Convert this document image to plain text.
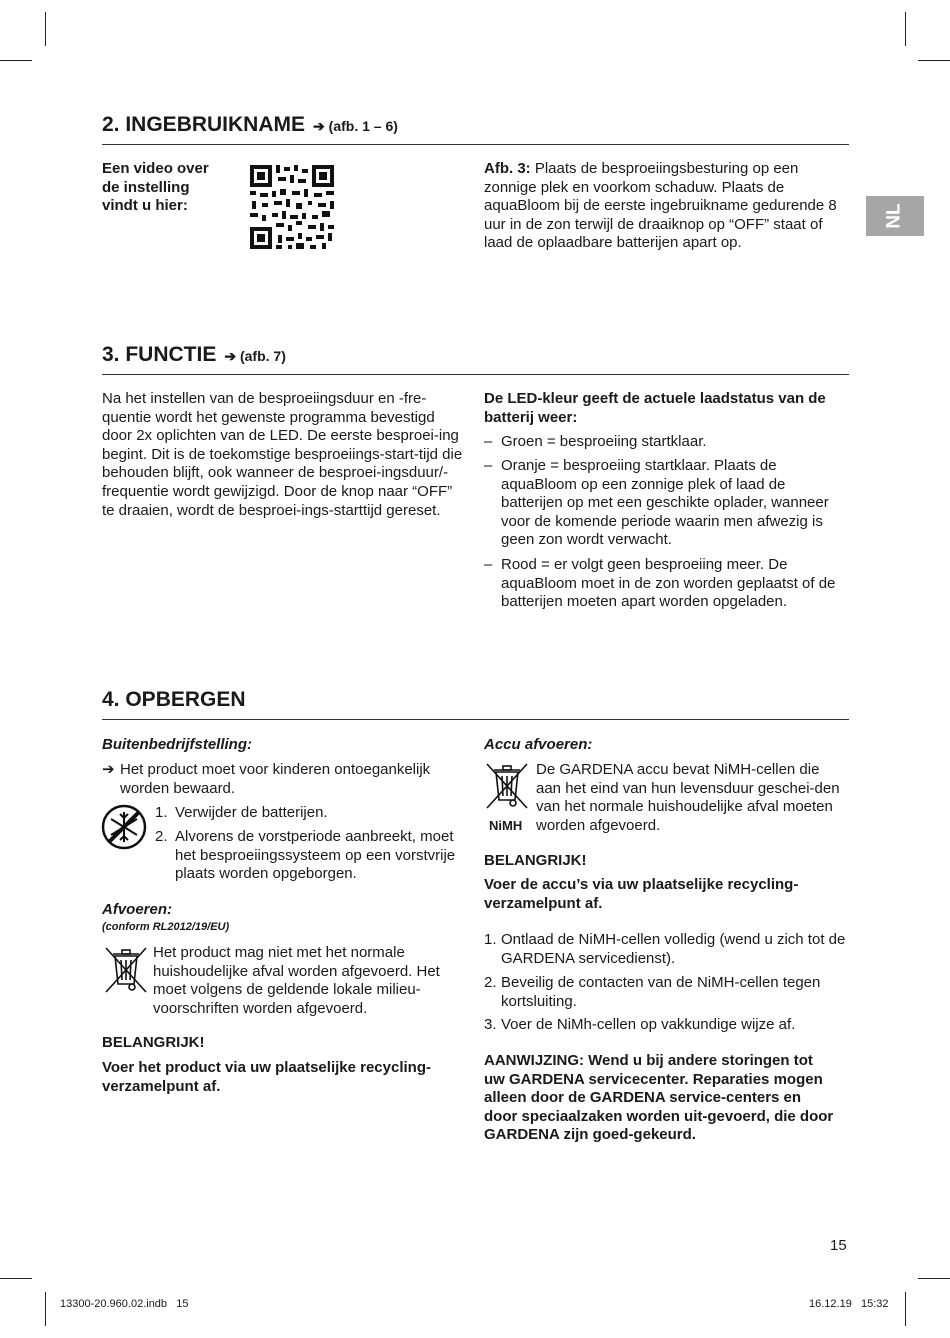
NL
2. INGEBRUIKNAME ➔ (afb. 1 – 6)
Een video over de instelling vindt u hier:
Afb. 3: Plaats de besproeiingsbesturing op een zonnige plek en voorkom schaduw. Plaats de aquaBloom bij de eerste ingebruikname gedurende 8 uur in de zon terwijl de draaiknop op “OFF” staat of laad de oplaadbare batterijen apart op.
3. FUNCTIE ➔ (afb. 7)
Na het instellen van de besproeiingsduur en -fre-quentie wordt het gewenste programma bevestigd door 2x oplichten van de LED. De eerste besproei-ing begint. Dit is de toekomstige besproeiings-start-tijd die behouden blijft, ook wanneer de besproei-ingsduur/-frequentie wordt gewijzigd. Door de knop naar “OFF” te draaien, wordt de besproei-ings-starttijd gereset.
De LED-kleur geeft de actuele laadstatus van de batterij weer:
– Groen = besproeiing startklaar.
– Oranje = besproeiing startklaar. Plaats de aquaBloom op een zonnige plek of laad de batterijen op met een geschikte oplader, wanneer voor de komende periode waarin men afwezig is geen zon wordt verwacht.
– Rood = er volgt geen besproeiing meer. De aquaBloom moet in de zon worden geplaatst of de batterijen moeten apart worden opgeladen.
4. OPBERGEN
Buitenbedrijfstelling:
➔ Het product moet voor kinderen ontoegankelijk worden bewaard.
1. Verwijder de batterijen.
2. Alvorens de vorstperiode aanbreekt, moet het besproeiingssysteem op een vorstvrije plaats worden opgeborgen.
Afvoeren:
(conform RL2012/19/EU)
Het product mag niet met het normale huishoudelijke afval worden afgevoerd. Het moet volgens de geldende lokale milieu-voorschriften worden afgevoerd.
BELANGRIJK!
Voer het product via uw plaatselijke recycling-verzamelpunt af.
Accu afvoeren:
NiMH
De GARDENA accu bevat NiMH-cellen die aan het eind van hun levensduur geschei-den van het normale huishoudelijke afval moeten worden afgevoerd.
BELANGRIJK!
Voer de accu’s via uw plaatselijke recycling-verzamelpunt af.
1. Ontlaad de NiMH-cellen volledig (wend u zich tot de GARDENA servicedienst).
2. Beveilig de contacten van de NiMH-cellen tegen kortsluiting.
3. Voer de NiMh-cellen op vakkundige wijze af.
AANWIJZING: Wend u bij andere storingen tot uw GARDENA servicecenter. Reparaties mogen alleen door de GARDENA service-centers en door speciaalzaken worden uit-gevoerd, die door GARDENA zijn goed-gekeurd.
15
13300-20.960.02.indb   15	16.12.19   15:32
